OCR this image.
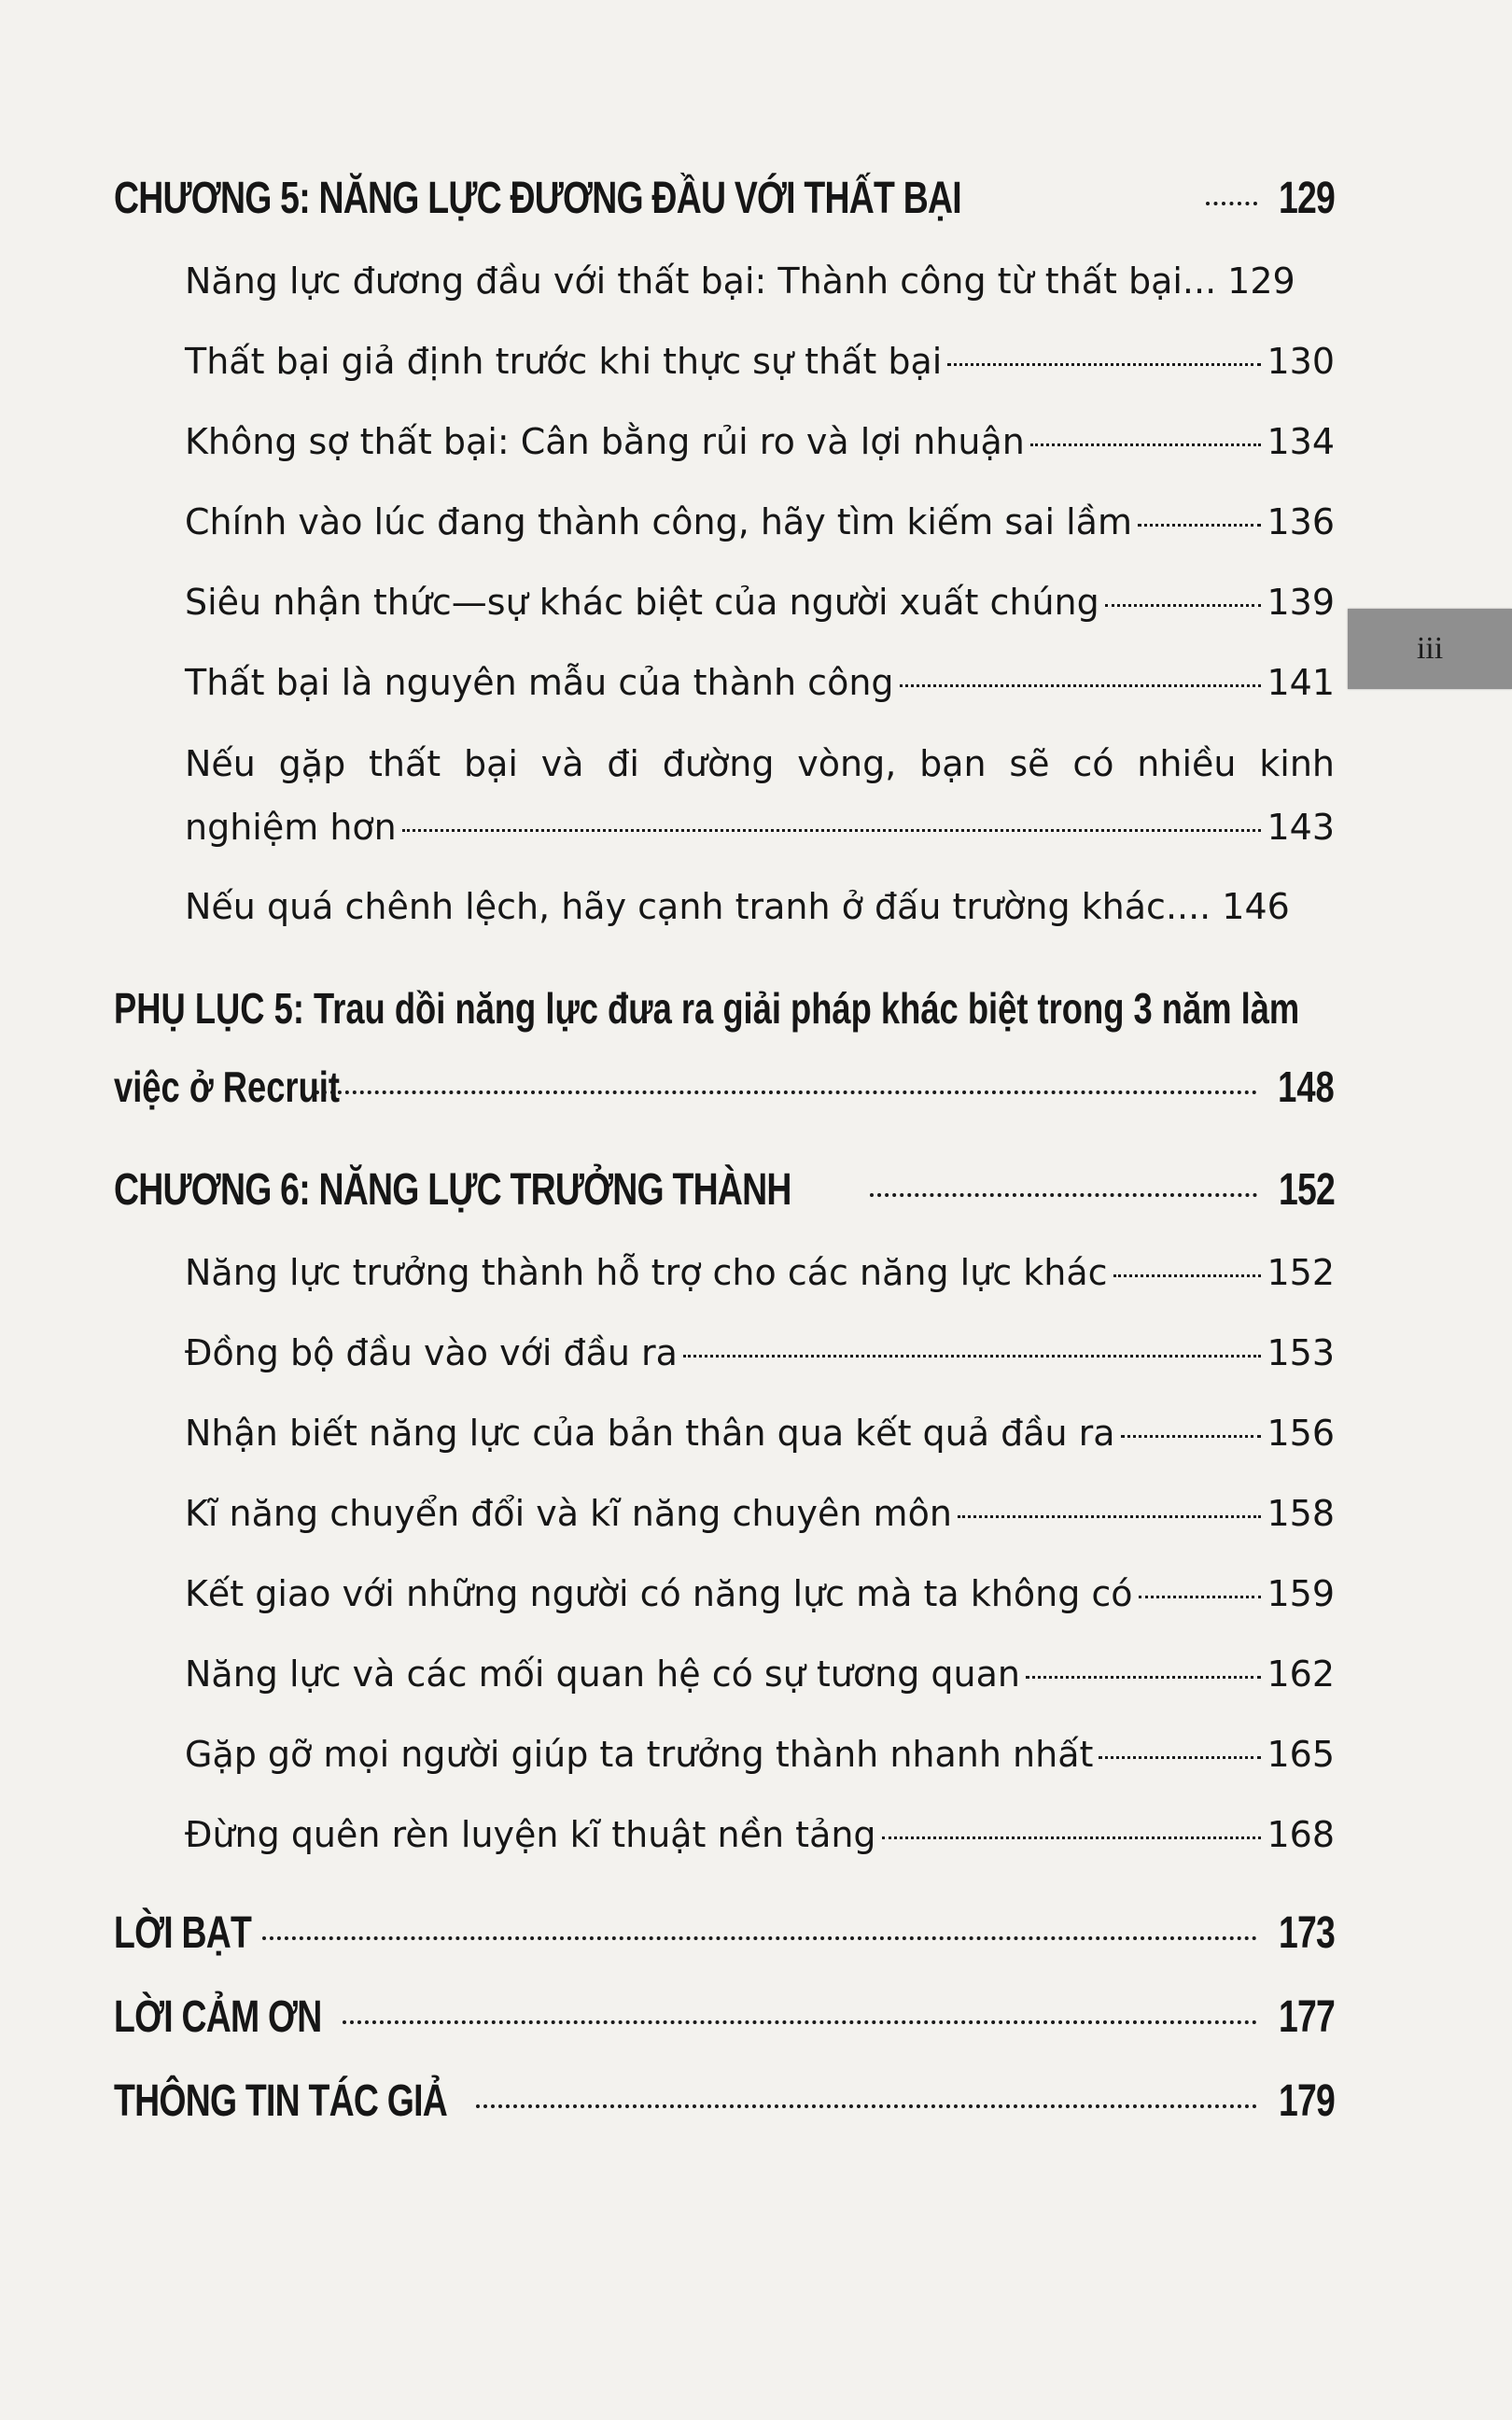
CHƯƠNG 5: NĂNG LỰC ĐƯƠNG ĐẦU VỚI THẤT BẠI	129
Năng lực đương đầu với thất bại: Thành công từ thất bại... 129
Thất bại giả định trước khi thực sự thất bại	130
Không sợ thất bại: Cân bằng rủi ro và lợi nhuận	134
Chính vào lúc đang thành công, hãy tìm kiếm sai lầm	136
Siêu nhận thức—sự khác biệt của người xuất chúng	139
Thất bại là nguyên mẫu của thành công	141
Nếu gặp thất bại và đi đường vòng, bạn sẽ có nhiều kinh
nghiệm hơn	143
Nếu quá chênh lệch, hãy cạnh tranh ở đấu trường khác.... 146
PHỤ LỤC 5: Trau dồi năng lực đưa ra giải pháp khác biệt trong 3 năm làm
việc ở Recruit	148
CHƯƠNG 6: NĂNG LỰC TRƯỞNG THÀNH	152
Năng lực trưởng thành hỗ trợ cho các năng lực khác	152
Đồng bộ đầu vào với đầu ra	153
Nhận biết năng lực của bản thân qua kết quả đầu ra	156
Kĩ năng chuyển đổi và kĩ năng chuyên môn	158
Kết giao với những người có năng lực mà ta không có	159
Năng lực và các mối quan hệ có sự tương quan	162
Gặp gỡ mọi người giúp ta trưởng thành nhanh nhất	165
Đừng quên rèn luyện kĩ thuật nền tảng	168
LỜI BẠT	173
LỜI CẢM ƠN	177
THÔNG TIN TÁC GIẢ	179
iii
